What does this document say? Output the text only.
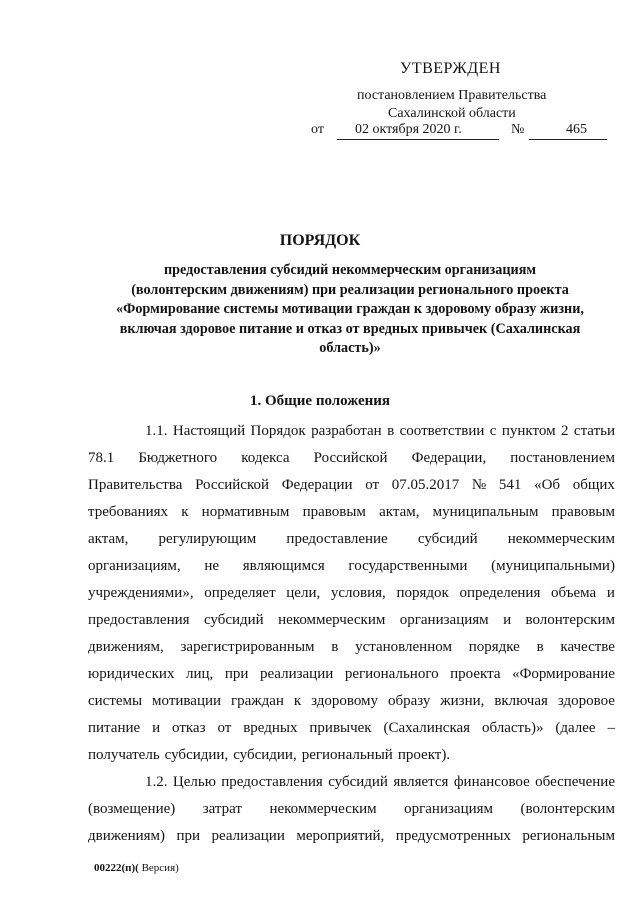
УТВЕРЖДЕН
постановлением Правительства
Сахалинской области
от 02 октября 2020 г.	№	465
ПОРЯДОК
предоставления субсидий некоммерческим организациям
(волонтерским движениям) при реализации регионального проекта
«Формирование системы мотивации граждан к здоровому образу жизни,
включая здоровое питание и отказ от вредных привычек (Сахалинская
область)»
1. Общие положения
1.1. Настоящий Порядок разработан в соответствии с пунктом 2 статьи
78.1 Бюджетного кодекса Российской Федерации, постановлением
Правительства Российской Федерации от 07.05.2017 № 541 «Об общих
требованиях к нормативным правовым актам, муниципальным правовым
актам, регулирующим предоставление субсидий некоммерческим
организациям, не являющимся государственными (муниципальными)
учреждениями», определяет цели, условия, порядок определения объема и
предоставления субсидий некоммерческим организациям и волонтерским
движениям, зарегистрированным в установленном порядке в качестве
юридических лиц, при реализации регионального проекта «Формирование
системы мотивации граждан к здоровому образу жизни, включая здоровое
питание и отказ от вредных привычек (Сахалинская область)» (далее –
получатель субсидии, субсидии, региональный проект).
1.2. Целью предоставления субсидий является финансовое обеспечение
(возмещение) затрат некоммерческим организациям (волонтерским
движениям) при реализации мероприятий, предусмотренных региональным
00222(п)( Версия)
